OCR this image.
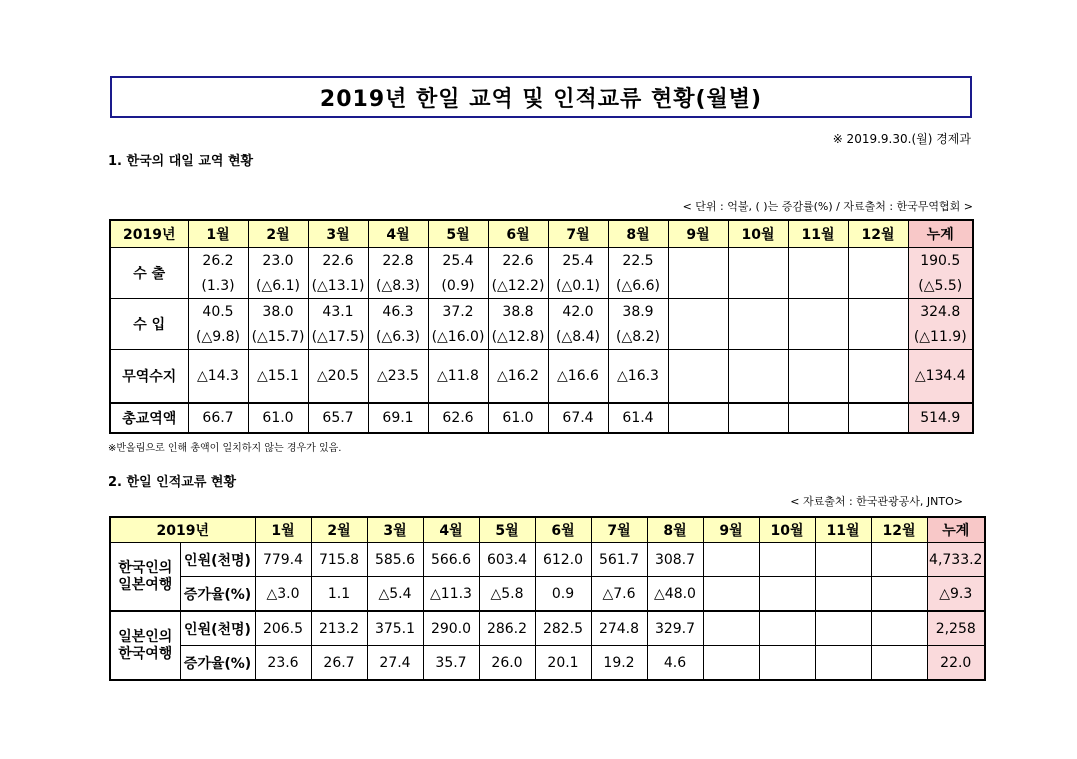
2019년 한일 교역 및 인적교류 현황(월별)
※ 2019.9.30.(월) 경제과
1. 한국의 대일 교역 현황
< 단위 : 억불, ( )는 증감률(%) / 자료출처 : 한국무역협회 >
2019년	1월	2월	3월	4월	5월	6월	7월	8월	9월	10월	11월	12월	누계
수 출	26.2	23.0	22.6	22.8	25.4	22.6	25.4	22.5					190.5
	(1.3)	(△6.1)	(△13.1)	(△8.3)	(0.9)	(△12.2)	(△0.1)	(△6.6)					(△5.5)
수 입	40.5	38.0	43.1	46.3	37.2	38.8	42.0	38.9					324.8
	(△9.8)	(△15.7)	(△17.5)	(△6.3)	(△16.0)	(△12.8)	(△8.4)	(△8.2)					(△11.9)
무역수지	△14.3	△15.1	△20.5	△23.5	△11.8	△16.2	△16.6	△16.3					△134.4
총교역액	66.7	61.0	65.7	69.1	62.6	61.0	67.4	61.4					514.9
※반올림으로 인해 총액이 일치하지 않는 경우가 있음.
2. 한일 인적교류 현황
< 자료출처 : 한국관광공사, JNTO>
2019년		1월	2월	3월	4월	5월	6월	7월	8월	9월	10월	11월	12월	누계
한국인의 일본여행	인원(천명)	779.4	715.8	585.6	566.6	603.4	612.0	561.7	308.7					4,733.2
	증가율(%)	△3.0	1.1	△5.4	△11.3	△5.8	0.9	△7.6	△48.0					△9.3
일본인의 한국여행	인원(천명)	206.5	213.2	375.1	290.0	286.2	282.5	274.8	329.7					2,258
	증가율(%)	23.6	26.7	27.4	35.7	26.0	20.1	19.2	4.6					22.0
